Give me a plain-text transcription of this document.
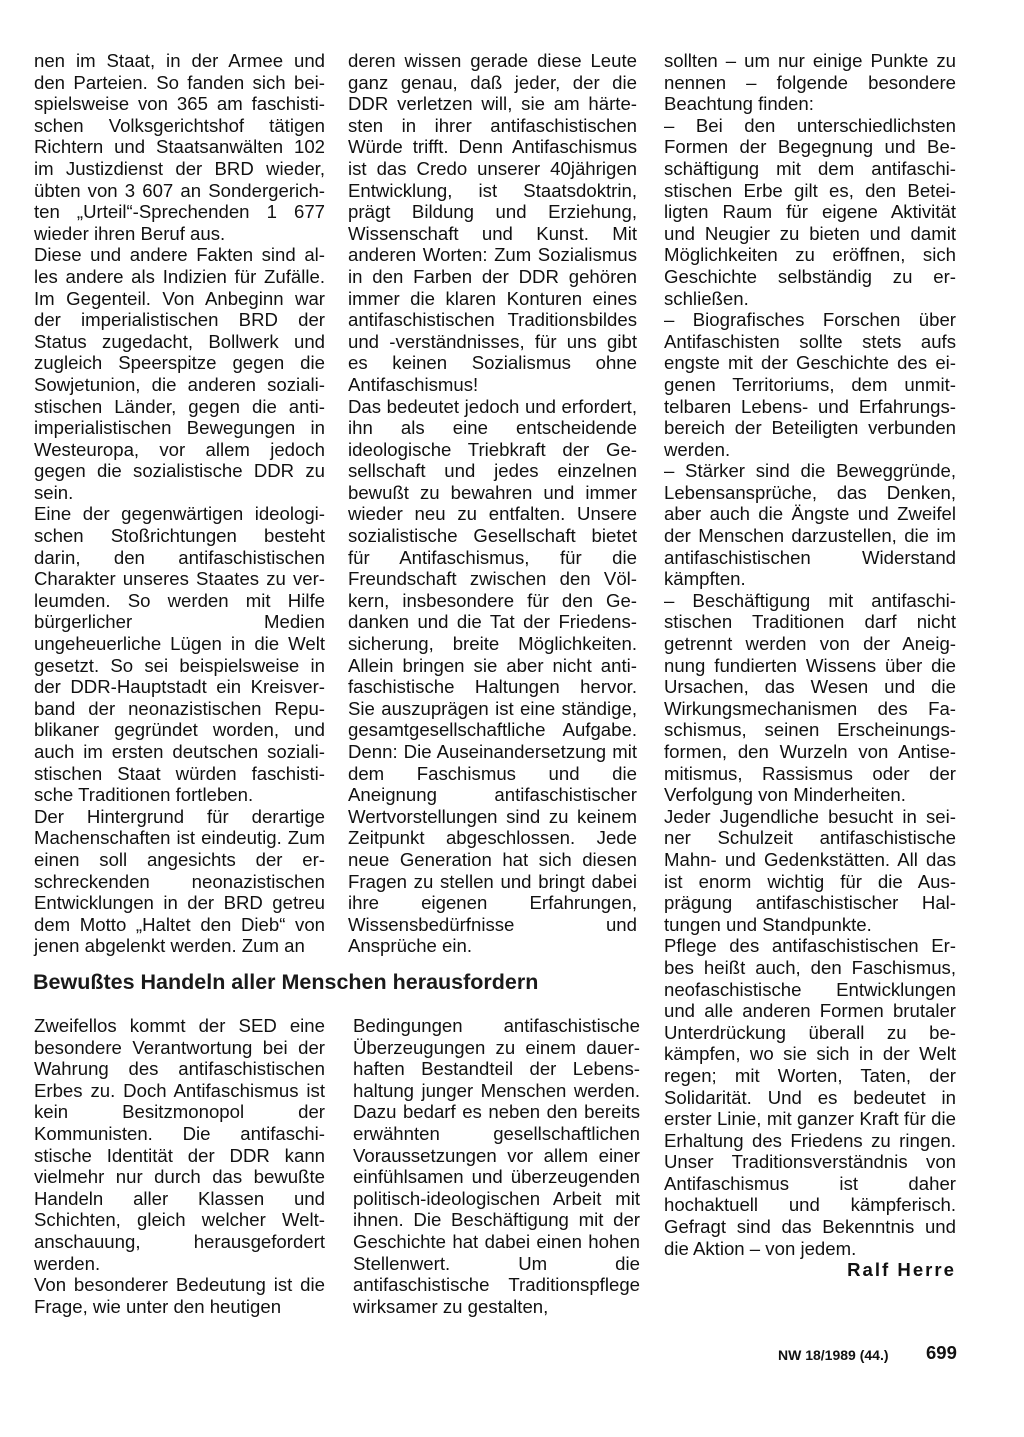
nen im Staat, in der Armee und den Parteien. So fanden sich beispielsweise von 365 am faschistischen Volksgerichtshof tätigen Richtern und Staatsanwälten 102 im Justizdienst der BRD wieder, übten von 3 607 an Sondergerichten „Urteil“-Sprechenden 1 677 wieder ihren Beruf aus.

Diese und andere Fakten sind alles andere als Indizien für Zufälle. Im Gegenteil. Von Anbeginn war der imperialistischen BRD der Status zugedacht, Bollwerk und zugleich Speerspitze gegen die Sowjetunion, die anderen sozialistischen Länder, gegen die antiimperialistischen Bewegungen in Westeuropa, vor allem jedoch gegen die sozialistische DDR zu sein.

Eine der gegenwärtigen ideologischen Stoßrichtungen besteht darin, den antifaschistischen Charakter unseres Staates zu verleumden. So werden mit Hilfe bürgerlicher Medien ungeheuerliche Lügen in die Welt gesetzt. So sei beispielsweise in der DDR-Hauptstadt ein Kreisverband der neonazistischen Republikaner gegründet worden, und auch im ersten deutschen sozialistischen Staat würden faschistische Traditionen fortleben.

Der Hintergrund für derartige Machenschaften ist eindeutig. Zum einen soll angesichts der erschreckenden neonazistischen Entwicklungen in der BRD getreu dem Motto „Haltet den Dieb“ von jenen abgelenkt werden. Zum an

deren wissen gerade diese Leute ganz genau, daß jeder, der die DDR verletzen will, sie am härtesten in ihrer antifaschistischen Würde trifft. Denn Antifaschismus ist das Credo unserer 40jährigen Entwicklung, ist Staatsdoktrin, prägt Bildung und Erziehung, Wissenschaft und Kunst. Mit anderen Worten: Zum Sozialismus in den Farben der DDR gehören immer die klaren Konturen eines antifaschistischen Traditionsbildes und -verständnisses, für uns gibt es keinen Sozialismus ohne Antifaschismus!

Das bedeutet jedoch und erfordert, ihn als eine entscheidende ideologische Triebkraft der Gesellschaft und jedes einzelnen bewußt zu bewahren und immer wieder neu zu entfalten. Unsere sozialistische Gesellschaft bietet für Antifaschismus, für die Freundschaft zwischen den Völkern, insbesondere für den Gedanken und die Tat der Friedenssicherung, breite Möglichkeiten. Allein bringen sie aber nicht antifaschistische Haltungen hervor. Sie auszuprägen ist eine ständige, gesamtgesellschaftliche Aufgabe. Denn: Die Auseinandersetzung mit dem Faschismus und die Aneignung antifaschistischer Wertvorstellungen sind zu keinem Zeitpunkt abgeschlossen. Jede neue Generation hat sich diesen Fragen zu stellen und bringt dabei ihre eigenen Erfahrungen, Wissensbedürfnisse und Ansprüche ein.

sollten – um nur einige Punkte zu nennen – folgende besondere Beachtung finden:

– Bei den unterschiedlichsten Formen der Begegnung und Beschäftigung mit dem antifaschistischen Erbe gilt es, den Beteiligten Raum für eigene Aktivität und Neugier zu bieten und damit Möglichkeiten zu eröffnen, sich Geschichte selbständig zu erschließen.

– Biografisches Forschen über Antifaschisten sollte stets aufs engste mit der Geschichte des eigenen Territoriums, dem unmittelbaren Lebens- und Erfahrungsbereich der Beteiligten verbunden werden.

– Stärker sind die Beweggründe, Lebensansprüche, das Denken, aber auch die Ängste und Zweifel der Menschen darzustellen, die im antifaschistischen Widerstand kämpften.

– Beschäftigung mit antifaschistischen Traditionen darf nicht getrennt werden von der Aneignung fundierten Wissens über die Ursachen, das Wesen und die Wirkungsmechanismen des Faschismus, seinen Erscheinungsformen, den Wurzeln von Antisemitismus, Rassismus oder der Verfolgung von Minderheiten.

Jeder Jugendliche besucht in seiner Schulzeit antifaschistische Mahn- und Gedenkstätten. All das ist enorm wichtig für die Ausprägung antifaschistischer Haltungen und Standpunkte.

Pflege des antifaschistischen Erbes heißt auch, den Faschismus, neofaschistische Entwicklungen und alle anderen Formen brutaler Unterdrückung überall zu bekämpfen, wo sie sich in der Welt regen; mit Worten, Taten, der Solidarität. Und es bedeutet in erster Linie, mit ganzer Kraft für die Erhaltung des Friedens zu ringen. Unser Traditionsverständnis von Antifaschismus ist daher hochaktuell und kämpferisch. Gefragt sind das Bekenntnis und die Aktion – von jedem.

Ralf Herre

Bewußtes Handeln aller Menschen herausfordern

Zweifellos kommt der SED eine besondere Verantwortung bei der Wahrung des antifaschistischen Erbes zu. Doch Antifaschismus ist kein Besitzmonopol der Kommunisten. Die antifaschistische Identität der DDR kann vielmehr nur durch das bewußte Handeln aller Klassen und Schichten, gleich welcher Weltanschauung, herausgefordert werden.

Von besonderer Bedeutung ist die Frage, wie unter den heutigen

Bedingungen antifaschistische Überzeugungen zu einem dauerhaften Bestandteil der Lebenshaltung junger Menschen werden. Dazu bedarf es neben den bereits erwähnten gesellschaftlichen Voraussetzungen vor allem einer einfühlsamen und überzeugenden politisch-ideologischen Arbeit mit ihnen. Die Beschäftigung mit der Geschichte hat dabei einen hohen Stellenwert. Um die antifaschistische Traditionspflege wirksamer zu gestalten,

NW 18/1989 (44.) 699
